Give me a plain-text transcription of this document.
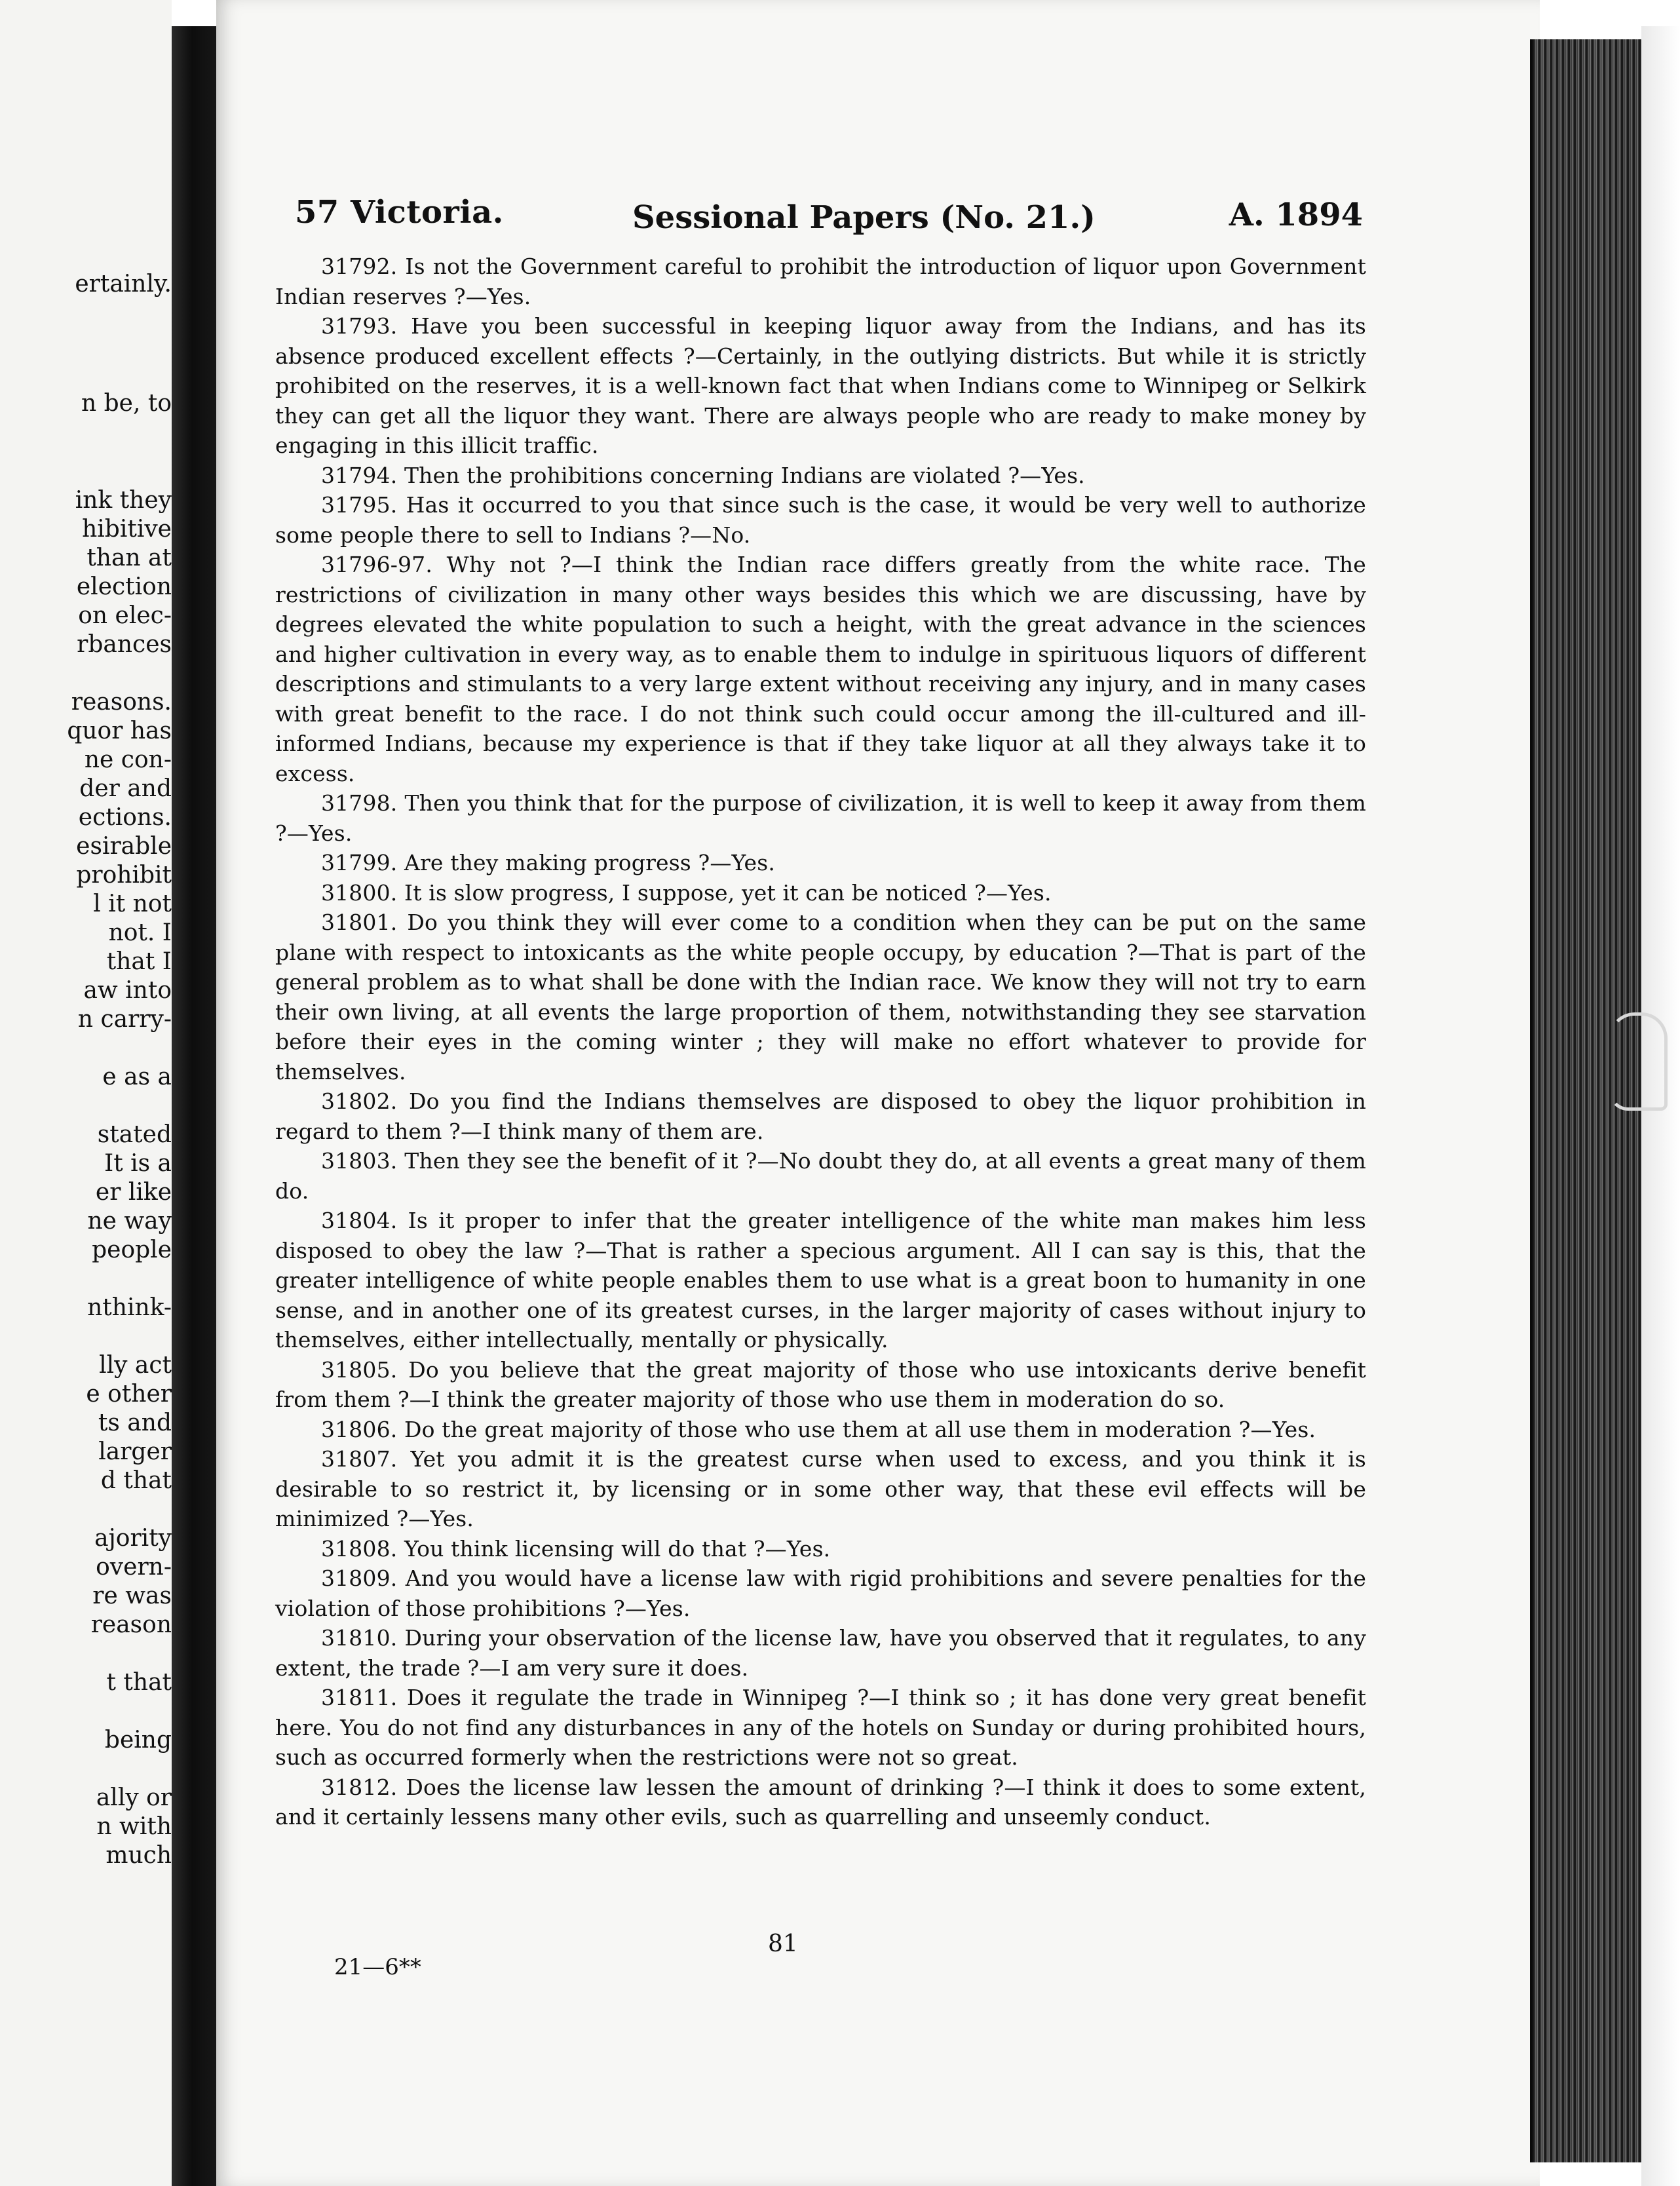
ertainly.
n be, to
ink they
hibitive
than at
election
on elec-
rbances
reasons.
quor has
ne con-
der and
ections.
esirable
prohibit
l it not
not. I
that I
aw into
n carry-
e as a
stated
It is a
er like
ne way
people
nthink-
lly act
e other
ts and
larger
d that
ajority
overn-
re was
reason
t that
being
ally or
n with
much
57 Victoria.	Sessional Papers (No. 21.)	A. 1894

31792. Is not the Government careful to prohibit the introduction of liquor upon Government Indian reserves ?—Yes.

31793. Have you been successful in keeping liquor away from the Indians, and has its absence produced excellent effects ?—Certainly, in the outlying districts. But while it is strictly prohibited on the reserves, it is a well-known fact that when Indians come to Winnipeg or Selkirk they can get all the liquor they want. There are always people who are ready to make money by engaging in this illicit traffic.

31794. Then the prohibitions concerning Indians are violated ?—Yes.

31795. Has it occurred to you that since such is the case, it would be very well to authorize some people there to sell to Indians ?—No.

31796-97. Why not ?—I think the Indian race differs greatly from the white race. The restrictions of civilization in many other ways besides this which we are discussing, have by degrees elevated the white population to such a height, with the great advance in the sciences and higher cultivation in every way, as to enable them to indulge in spirituous liquors of different descriptions and stimulants to a very large extent without receiving any injury, and in many cases with great benefit to the race. I do not think such could occur among the ill-cultured and ill-informed Indians, because my experience is that if they take liquor at all they always take it to excess.

31798. Then you think that for the purpose of civilization, it is well to keep it away from them ?—Yes.

31799. Are they making progress ?—Yes.

31800. It is slow progress, I suppose, yet it can be noticed ?—Yes.

31801. Do you think they will ever come to a condition when they can be put on the same plane with respect to intoxicants as the white people occupy, by education ?—That is part of the general problem as to what shall be done with the Indian race. We know they will not try to earn their own living, at all events the large proportion of them, notwithstanding they see starvation before their eyes in the coming winter ; they will make no effort whatever to provide for themselves.

31802. Do you find the Indians themselves are disposed to obey the liquor prohibition in regard to them ?—I think many of them are.

31803. Then they see the benefit of it ?—No doubt they do, at all events a great many of them do.

31804. Is it proper to infer that the greater intelligence of the white man makes him less disposed to obey the law ?—That is rather a specious argument. All I can say is this, that the greater intelligence of white people enables them to use what is a great boon to humanity in one sense, and in another one of its greatest curses, in the larger majority of cases without injury to themselves, either intellectually, mentally or physically.

31805. Do you believe that the great majority of those who use intoxicants derive benefit from them ?—I think the greater majority of those who use them in moderation do so.

31806. Do the great majority of those who use them at all use them in moderation ?—Yes.

31807. Yet you admit it is the greatest curse when used to excess, and you think it is desirable to so restrict it, by licensing or in some other way, that these evil effects will be minimized ?—Yes.

31808. You think licensing will do that ?—Yes.

31809. And you would have a license law with rigid prohibitions and severe penalties for the violation of those prohibitions ?—Yes.

31810. During your observation of the license law, have you observed that it regulates, to any extent, the trade ?—I am very sure it does.

31811. Does it regulate the trade in Winnipeg ?—I think so ; it has done very great benefit here. You do not find any disturbances in any of the hotels on Sunday or during prohibited hours, such as occurred formerly when the restrictions were not so great.

31812. Does the license law lessen the amount of drinking ?—I think it does to some extent, and it certainly lessens many other evils, such as quarrelling and unseemly conduct.

81
21—6**
